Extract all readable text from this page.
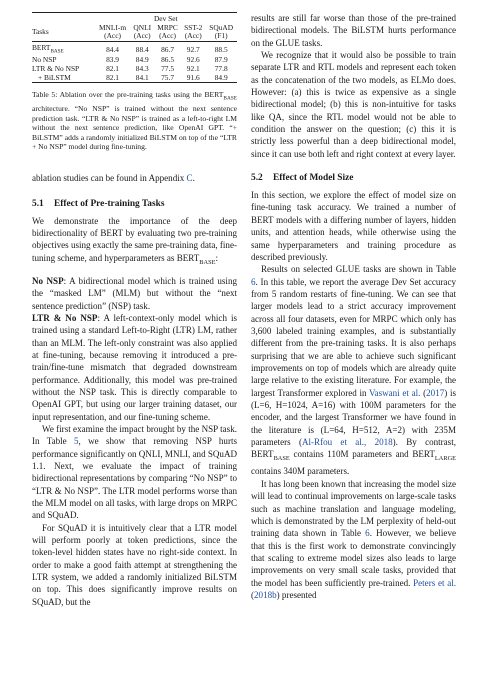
	Dev Set				
Tasks	MNLI-m	QNLI	MRPC	SST-2	SQuAD
	(Acc)	(Acc)	(Acc)	(Acc)	(F1)

$BERT_{BASE}$	84.4	88.4	86.7	92.7	88.5
No NSP	83.9	84.9	86.5	92.6	87.9
LTR & No NSP	82.1	84.3	77.5	92.1	77.8
+ BiLSTM	82.1	84.1	75.7	91.6	84.9

Table 5: Ablation over the pre-training tasks using the $BERT_{BASE}$ architecture. “No NSP” is trained without the next sentence prediction task. “LTR & No NSP” is trained as a left-to-right LM without the next sentence prediction, like OpenAI GPT. “+ BiLSTM” adds a randomly initialized BiLSTM on top of the “LTR + No NSP” model during fine-tuning.

ablation studies can be found in Appendix C.

5.1 Effect of Pre-training Tasks

We demonstrate the importance of the deep bidirectionality of BERT by evaluating two pre-training objectives using exactly the same pre-training data, fine-tuning scheme, and hyperparameters as $BERT_{BASE}$:

No NSP: A bidirectional model which is trained using the “masked LM” (MLM) but without the “next sentence prediction” (NSP) task.

LTR & No NSP: A left-context-only model which is trained using a standard Left-to-Right (LTR) LM, rather than an MLM. The left-only constraint was also applied at fine-tuning, because removing it introduced a pre-train/fine-tune mismatch that degraded downstream performance. Additionally, this model was pre-trained without the NSP task. This is directly comparable to OpenAI GPT, but using our larger training dataset, our input representation, and our fine-tuning scheme.

We first examine the impact brought by the NSP task. In Table 5, we show that removing NSP hurts performance significantly on QNLI, MNLI, and SQuAD 1.1. Next, we evaluate the impact of training bidirectional representations by comparing “No NSP” to “LTR & No NSP”. The LTR model performs worse than the MLM model on all tasks, with large drops on MRPC and SQuAD.

For SQuAD it is intuitively clear that a LTR model will perform poorly at token predictions, since the token-level hidden states have no right-side context. In order to make a good faith attempt at strengthening the LTR system, we added a randomly initialized BiLSTM on top. This does significantly improve results on SQuAD, but the

results are still far worse than those of the pre-trained bidirectional models. The BiLSTM hurts performance on the GLUE tasks.

We recognize that it would also be possible to train separate LTR and RTL models and represent each token as the concatenation of the two models, as ELMo does. However: (a) this is twice as expensive as a single bidirectional model; (b) this is non-intuitive for tasks like QA, since the RTL model would not be able to condition the answer on the question; (c) this it is strictly less powerful than a deep bidirectional model, since it can use both left and right context at every layer.

5.2 Effect of Model Size

In this section, we explore the effect of model size on fine-tuning task accuracy. We trained a number of BERT models with a differing number of layers, hidden units, and attention heads, while otherwise using the same hyperparameters and training procedure as described previously.

Results on selected GLUE tasks are shown in Table 6. In this table, we report the average Dev Set accuracy from 5 random restarts of fine-tuning. We can see that larger models lead to a strict accuracy improvement across all four datasets, even for MRPC which only has 3,600 labeled training examples, and is substantially different from the pre-training tasks. It is also perhaps surprising that we are able to achieve such significant improvements on top of models which are already quite large relative to the existing literature. For example, the largest Transformer explored in Vaswani et al. (2017) is (L=6, H=1024, A=16) with 100M parameters for the encoder, and the largest Transformer we have found in the literature is (L=64, H=512, A=2) with 235M parameters (Al-Rfou et al., 2018). By contrast, $BERT_{BASE}$ contains 110M parameters and $BERT_{LARGE}$ contains 340M parameters.

It has long been known that increasing the model size will lead to continual improvements on large-scale tasks such as machine translation and language modeling, which is demonstrated by the LM perplexity of held-out training data shown in Table 6. However, we believe that this is the first work to demonstrate convincingly that scaling to extreme model sizes also leads to large improvements on very small scale tasks, provided that the model has been sufficiently pre-trained. Peters et al. (2018b) presented
